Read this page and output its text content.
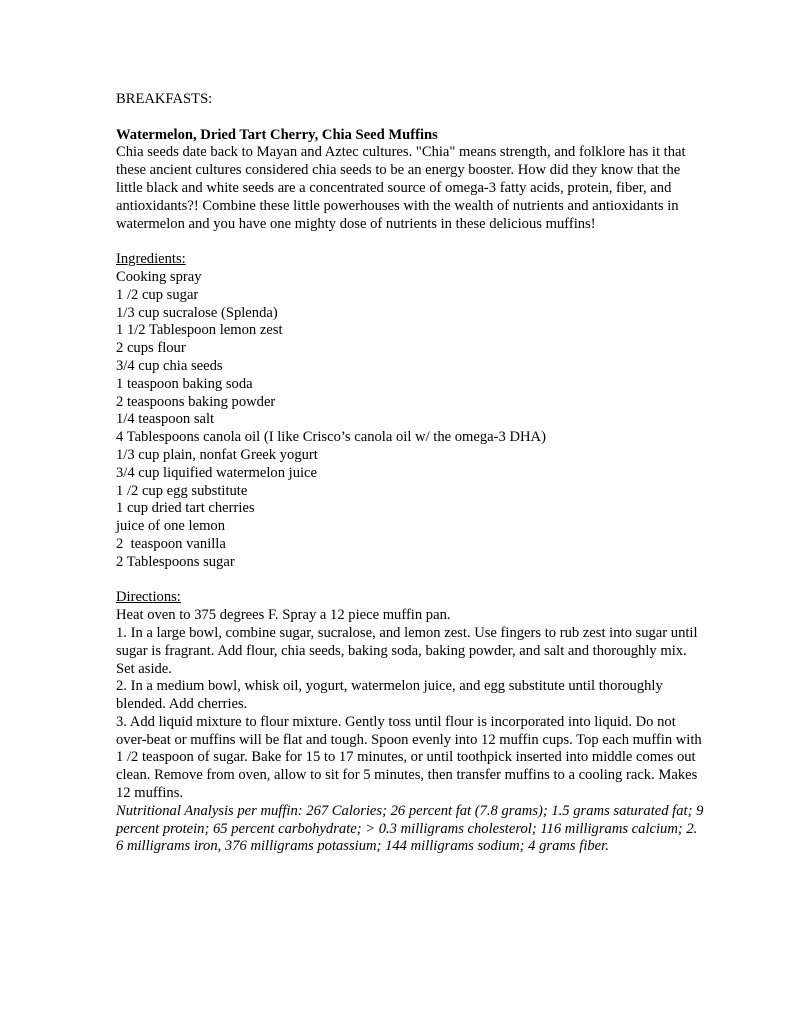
BREAKFASTS:

Watermelon, Dried Tart Cherry, Chia Seed Muffins

Chia seeds date back to Mayan and Aztec cultures. "Chia" means strength, and folklore has it that these ancient cultures considered chia seeds to be an energy booster. How did they know that the little black and white seeds are a concentrated source of omega-3 fatty acids, protein, fiber, and antioxidants?! Combine these little powerhouses with the wealth of nutrients and antioxidants in watermelon and you have one mighty dose of nutrients in these delicious muffins!

Ingredients:

Cooking spray
1 /2 cup sugar
1/3 cup sucralose (Splenda)
1 1/2 Tablespoon lemon zest
2 cups flour
3/4 cup chia seeds
1 teaspoon baking soda
2 teaspoons baking powder
1/4 teaspoon salt
4 Tablespoons canola oil (I like Crisco’s canola oil w/ the omega-3 DHA)
1/3 cup plain, nonfat Greek yogurt
3/4 cup liquified watermelon juice
1 /2 cup egg substitute
1 cup dried tart cherries
juice of one lemon
2  teaspoon vanilla
2 Tablespoons sugar

Directions:

Heat oven to 375 degrees F. Spray a 12 piece muffin pan.

1. In a large bowl, combine sugar, sucralose, and lemon zest. Use fingers to rub zest into sugar until sugar is fragrant. Add flour, chia seeds, baking soda, baking powder, and salt and thoroughly mix. Set aside.

2. In a medium bowl, whisk oil, yogurt, watermelon juice, and egg substitute until thoroughly blended. Add cherries.

3. Add liquid mixture to flour mixture. Gently toss until flour is incorporated into liquid. Do not over-beat or muffins will be flat and tough. Spoon evenly into 12 muffin cups. Top each muffin with 1 /2 teaspoon of sugar. Bake for 15 to 17 minutes, or until toothpick inserted into middle comes out clean. Remove from oven, allow to sit for 5 minutes, then transfer muffins to a cooling rack. Makes 12 muffins.

Nutritional Analysis per muffin: 267 Calories; 26 percent fat (7.8 grams); 1.5 grams saturated fat; 9 percent protein; 65 percent carbohydrate; > 0.3 milligrams cholesterol; 116 milligrams calcium; 2. 6 milligrams iron, 376 milligrams potassium; 144 milligrams sodium; 4 grams fiber.
